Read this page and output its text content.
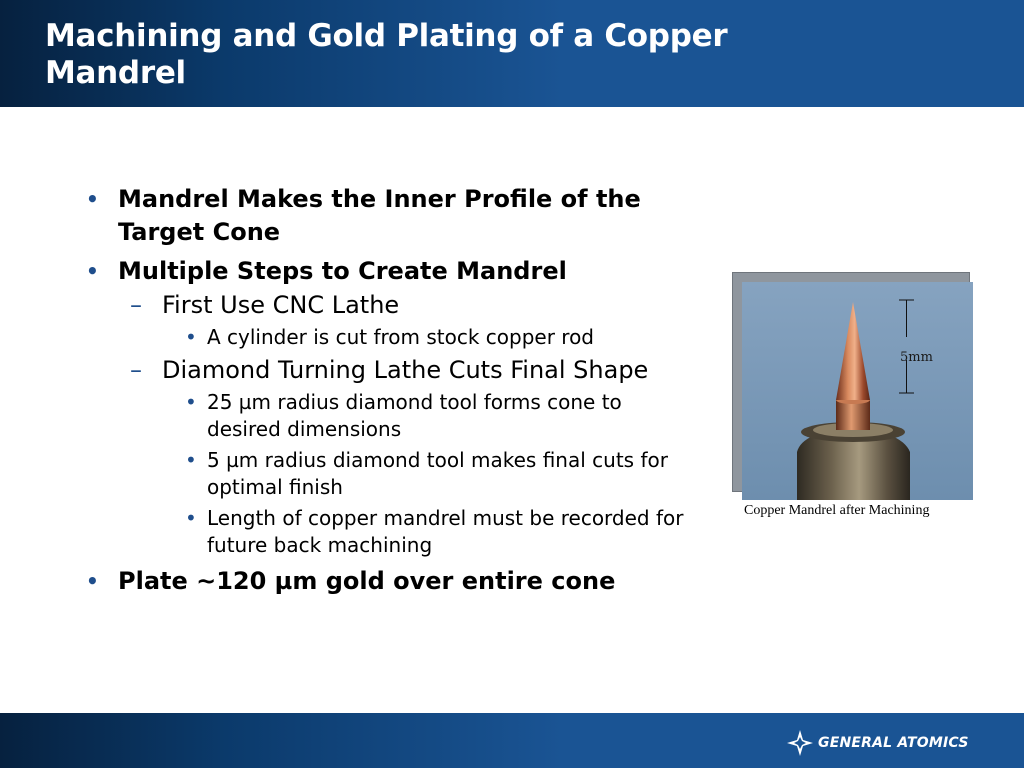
Machining and Gold Plating of a Copper Mandrel
• Mandrel Makes the Inner Profile of the Target Cone
• Multiple Steps to Create Mandrel
– First Use CNC Lathe
• A cylinder is cut from stock copper rod
– Diamond Turning Lathe Cuts Final Shape
• 25 µm radius diamond tool forms cone to desired dimensions
• 5 µm radius diamond tool makes final cuts for optimal finish
• Length of copper mandrel must be recorded for future back machining
• Plate ~120 µm gold over entire cone
5mm
Copper Mandrel after Machining
GENERAL ATOMICS
